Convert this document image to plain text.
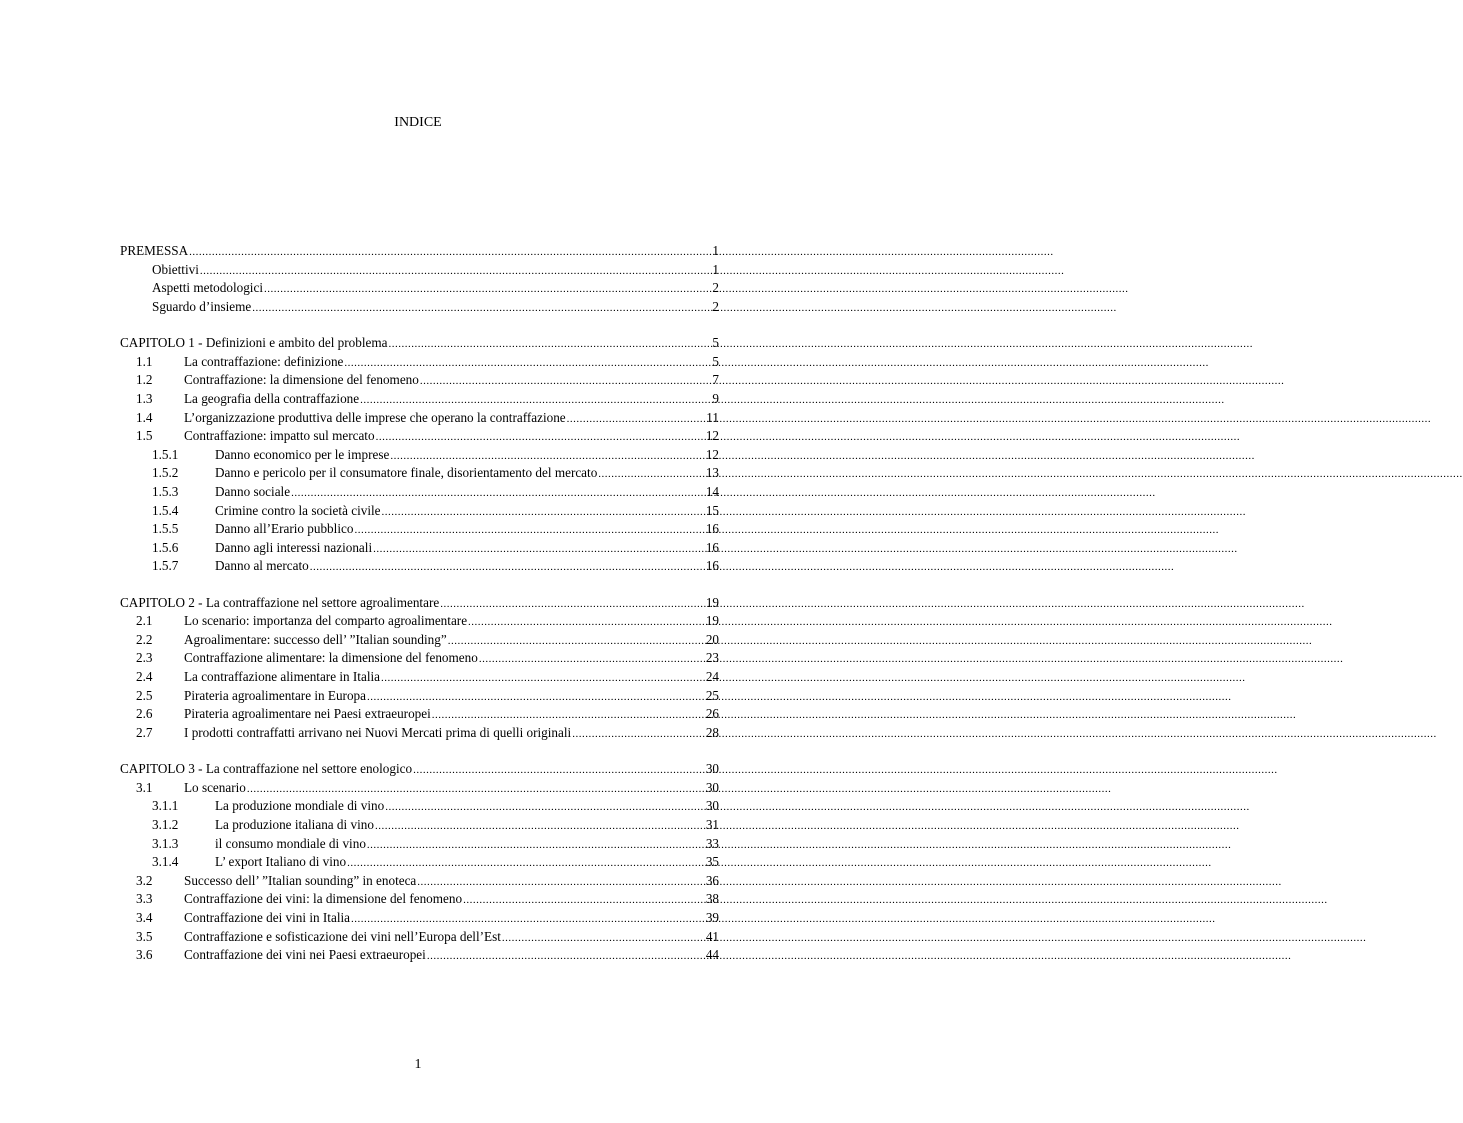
INDICE
PREMESSA .....	1
Obiettivi .....	1
Aspetti metodologici .....	2
Sguardo d’insieme .....	2
CAPITOLO 1 - Definizioni e ambito del problema .....	5
1.1	La contraffazione: definizione .....	5
1.2	Contraffazione: la dimensione del fenomeno .....	7
1.3	La geografia della contraffazione .....	9
1.4	L’organizzazione produttiva delle imprese che operano la contraffazione .....	11
1.5	Contraffazione: impatto sul mercato .....	12
1.5.1	Danno economico per le imprese .....	12
1.5.2	Danno e pericolo per il consumatore finale, disorientamento del mercato .....	13
1.5.3	Danno sociale .....	14
1.5.4	Crimine contro la società civile .....	15
1.5.5	Danno all’Erario pubblico .....	16
1.5.6	Danno agli interessi nazionali .....	16
1.5.7	Danno al mercato .....	16
CAPITOLO 2 - La contraffazione nel settore agroalimentare .....	19
2.1	Lo scenario: importanza del comparto agroalimentare .....	19
2.2	Agroalimentare: successo dell’ ”Italian sounding” .....	20
2.3	Contraffazione alimentare: la dimensione del fenomeno .....	23
2.4	La contraffazione alimentare in Italia .....	24
2.5	Pirateria agroalimentare in Europa .....	25
2.6	Pirateria agroalimentare nei Paesi extraeuropei .....	26
2.7	I prodotti contraffatti arrivano nei Nuovi Mercati prima di quelli originali .....	28
CAPITOLO 3 - La contraffazione nel settore enologico .....	30
3.1	Lo scenario .....	30
3.1.1	La produzione mondiale di vino .....	30
3.1.2	La produzione italiana di vino .....	31
3.1.3	il consumo mondiale di vino .....	33
3.1.4	L’ export Italiano di vino .....	35
3.2	Successo dell’ ”Italian sounding” in enoteca .....	36
3.3	Contraffazione dei vini: la dimensione del fenomeno .....	38
3.4	Contraffazione dei vini in Italia .....	39
3.5	Contraffazione e sofisticazione dei vini nell’Europa dell’Est .....	41
3.6	Contraffazione dei vini nei Paesi extraeuropei .....	44
1
